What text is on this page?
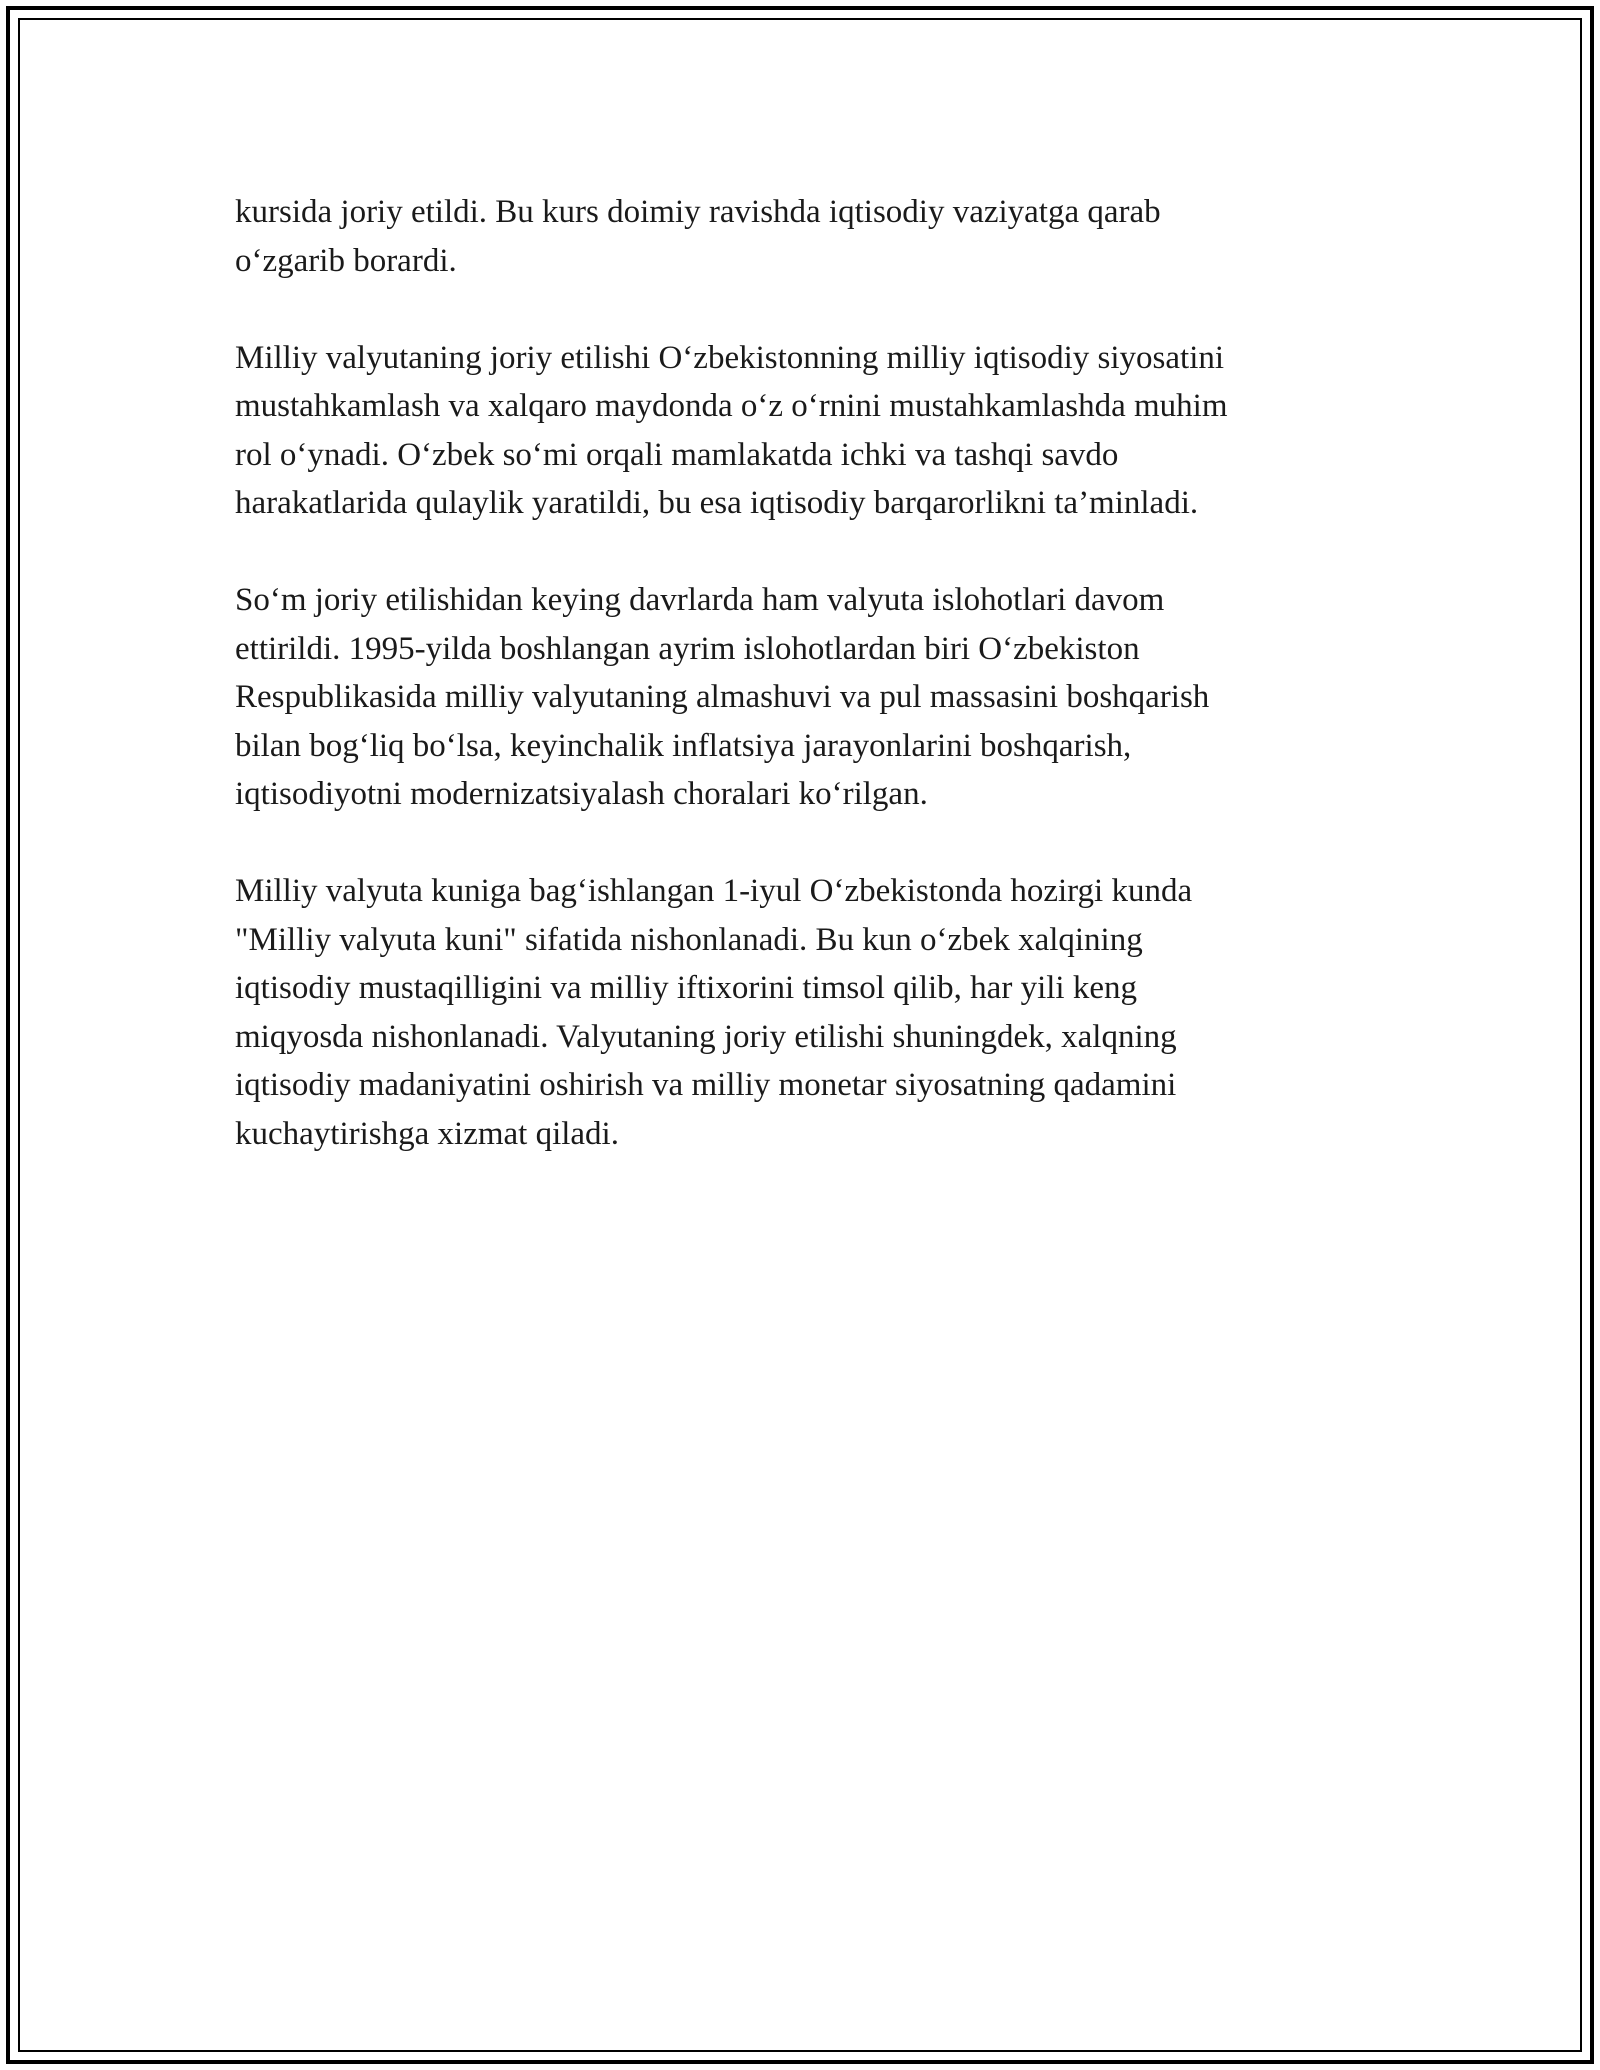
kursida joriy etildi. Bu kurs doimiy ravishda iqtisodiy vaziyatga qarab
o‘zgarib borardi.

Milliy valyutaning joriy etilishi O‘zbekistonning milliy iqtisodiy siyosatini
mustahkamlash va xalqaro maydonda o‘z o‘rnini mustahkamlashda muhim
rol o‘ynadi. O‘zbek so‘mi orqali mamlakatda ichki va tashqi savdo
harakatlarida qulaylik yaratildi, bu esa iqtisodiy barqarorlikni ta’minladi.

So‘m joriy etilishidan keying davrlarda ham valyuta islohotlari davom
ettirildi. 1995-yilda boshlangan ayrim islohotlardan biri O‘zbekiston
Respublikasida milliy valyutaning almashuvi va pul massasini boshqarish
bilan bog‘liq bo‘lsa, keyinchalik inflatsiya jarayonlarini boshqarish,
iqtisodiyotni modernizatsiyalash choralari ko‘rilgan.

Milliy valyuta kuniga bag‘ishlangan 1-iyul O‘zbekistonda hozirgi kunda
"Milliy valyuta kuni" sifatida nishonlanadi. Bu kun o‘zbek xalqining
iqtisodiy mustaqilligini va milliy iftixorini timsol qilib, har yili keng
miqyosda nishonlanadi. Valyutaning joriy etilishi shuningdek, xalqning
iqtisodiy madaniyatini oshirish va milliy monetar siyosatning qadamini
kuchaytirishga xizmat qiladi.
